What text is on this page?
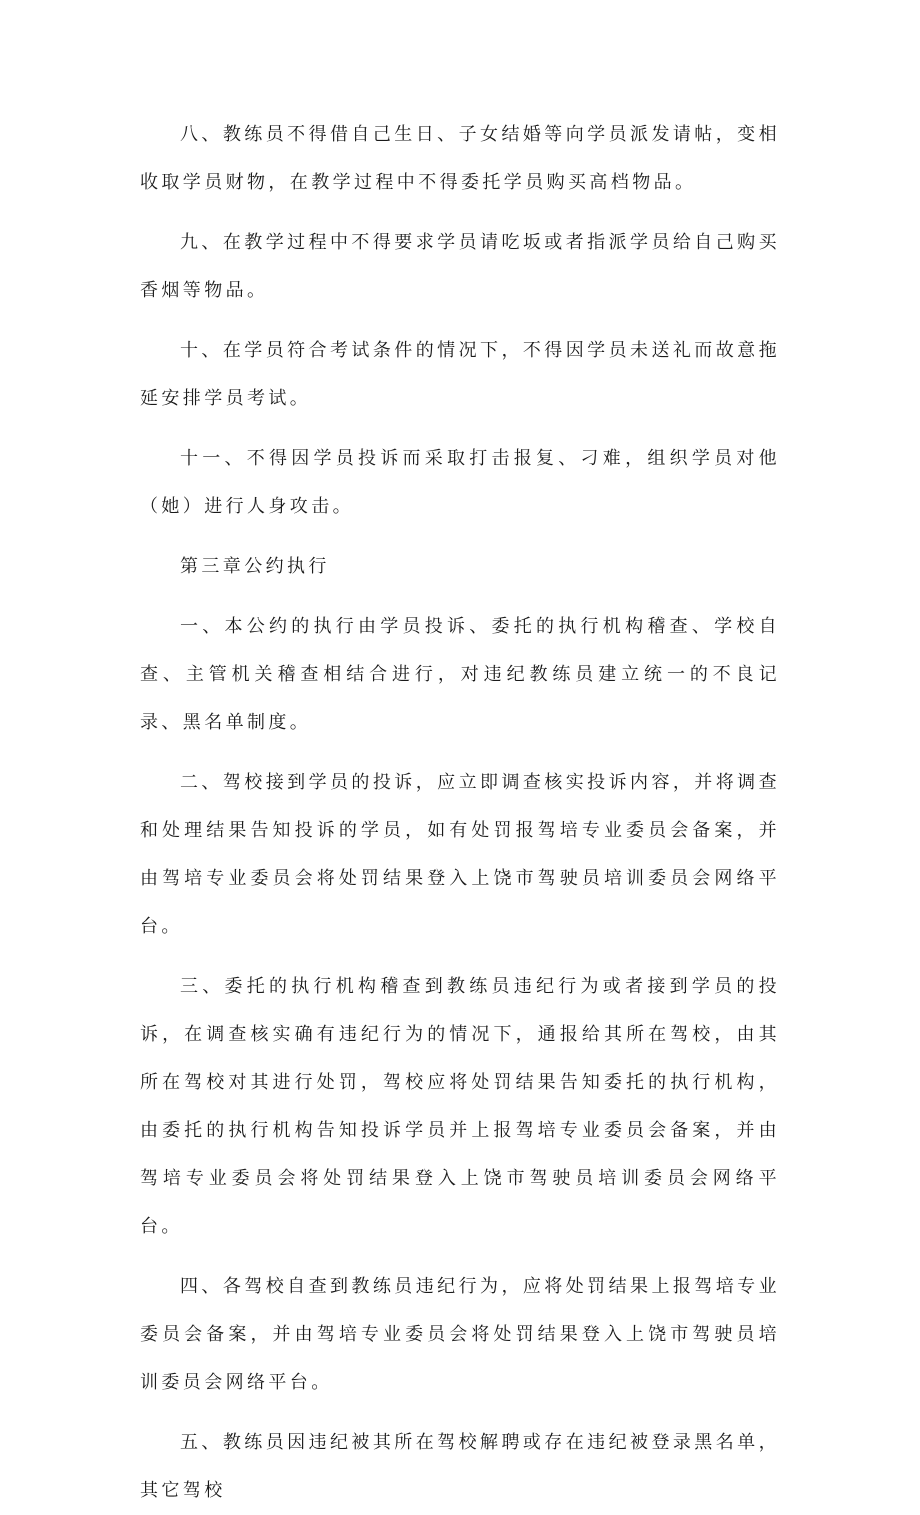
八、教练员不得借自己生日、子女结婚等向学员派发请帖，变相收取学员财物，在教学过程中不得委托学员购买高档物品。

九、在教学过程中不得要求学员请吃坂或者指派学员给自己购买香烟等物品。

十、在学员符合考试条件的情况下，不得因学员未送礼而故意拖延安排学员考试。

十一、不得因学员投诉而采取打击报复、刁难，组织学员对他（她）进行人身攻击。

第三章公约执行

一、本公约的执行由学员投诉、委托的执行机构稽查、学校自查、主管机关稽查相结合进行，对违纪教练员建立统一的不良记录、黑名单制度。

二、驾校接到学员的投诉，应立即调查核实投诉内容，并将调查和处理结果告知投诉的学员，如有处罚报驾培专业委员会备案，并由驾培专业委员会将处罚结果登入上饶市驾驶员培训委员会网络平台。

三、委托的执行机构稽查到教练员违纪行为或者接到学员的投诉，在调查核实确有违纪行为的情况下，通报给其所在驾校，由其所在驾校对其进行处罚，驾校应将处罚结果告知委托的执行机构，由委托的执行机构告知投诉学员并上报驾培专业委员会备案，并由驾培专业委员会将处罚结果登入上饶市驾驶员培训委员会网络平台。

四、各驾校自查到教练员违纪行为，应将处罚结果上报驾培专业委员会备案，并由驾培专业委员会将处罚结果登入上饶市驾驶员培训委员会网络平台。

五、教练员因违纪被其所在驾校解聘或存在违纪被登录黑名单，其它驾校
